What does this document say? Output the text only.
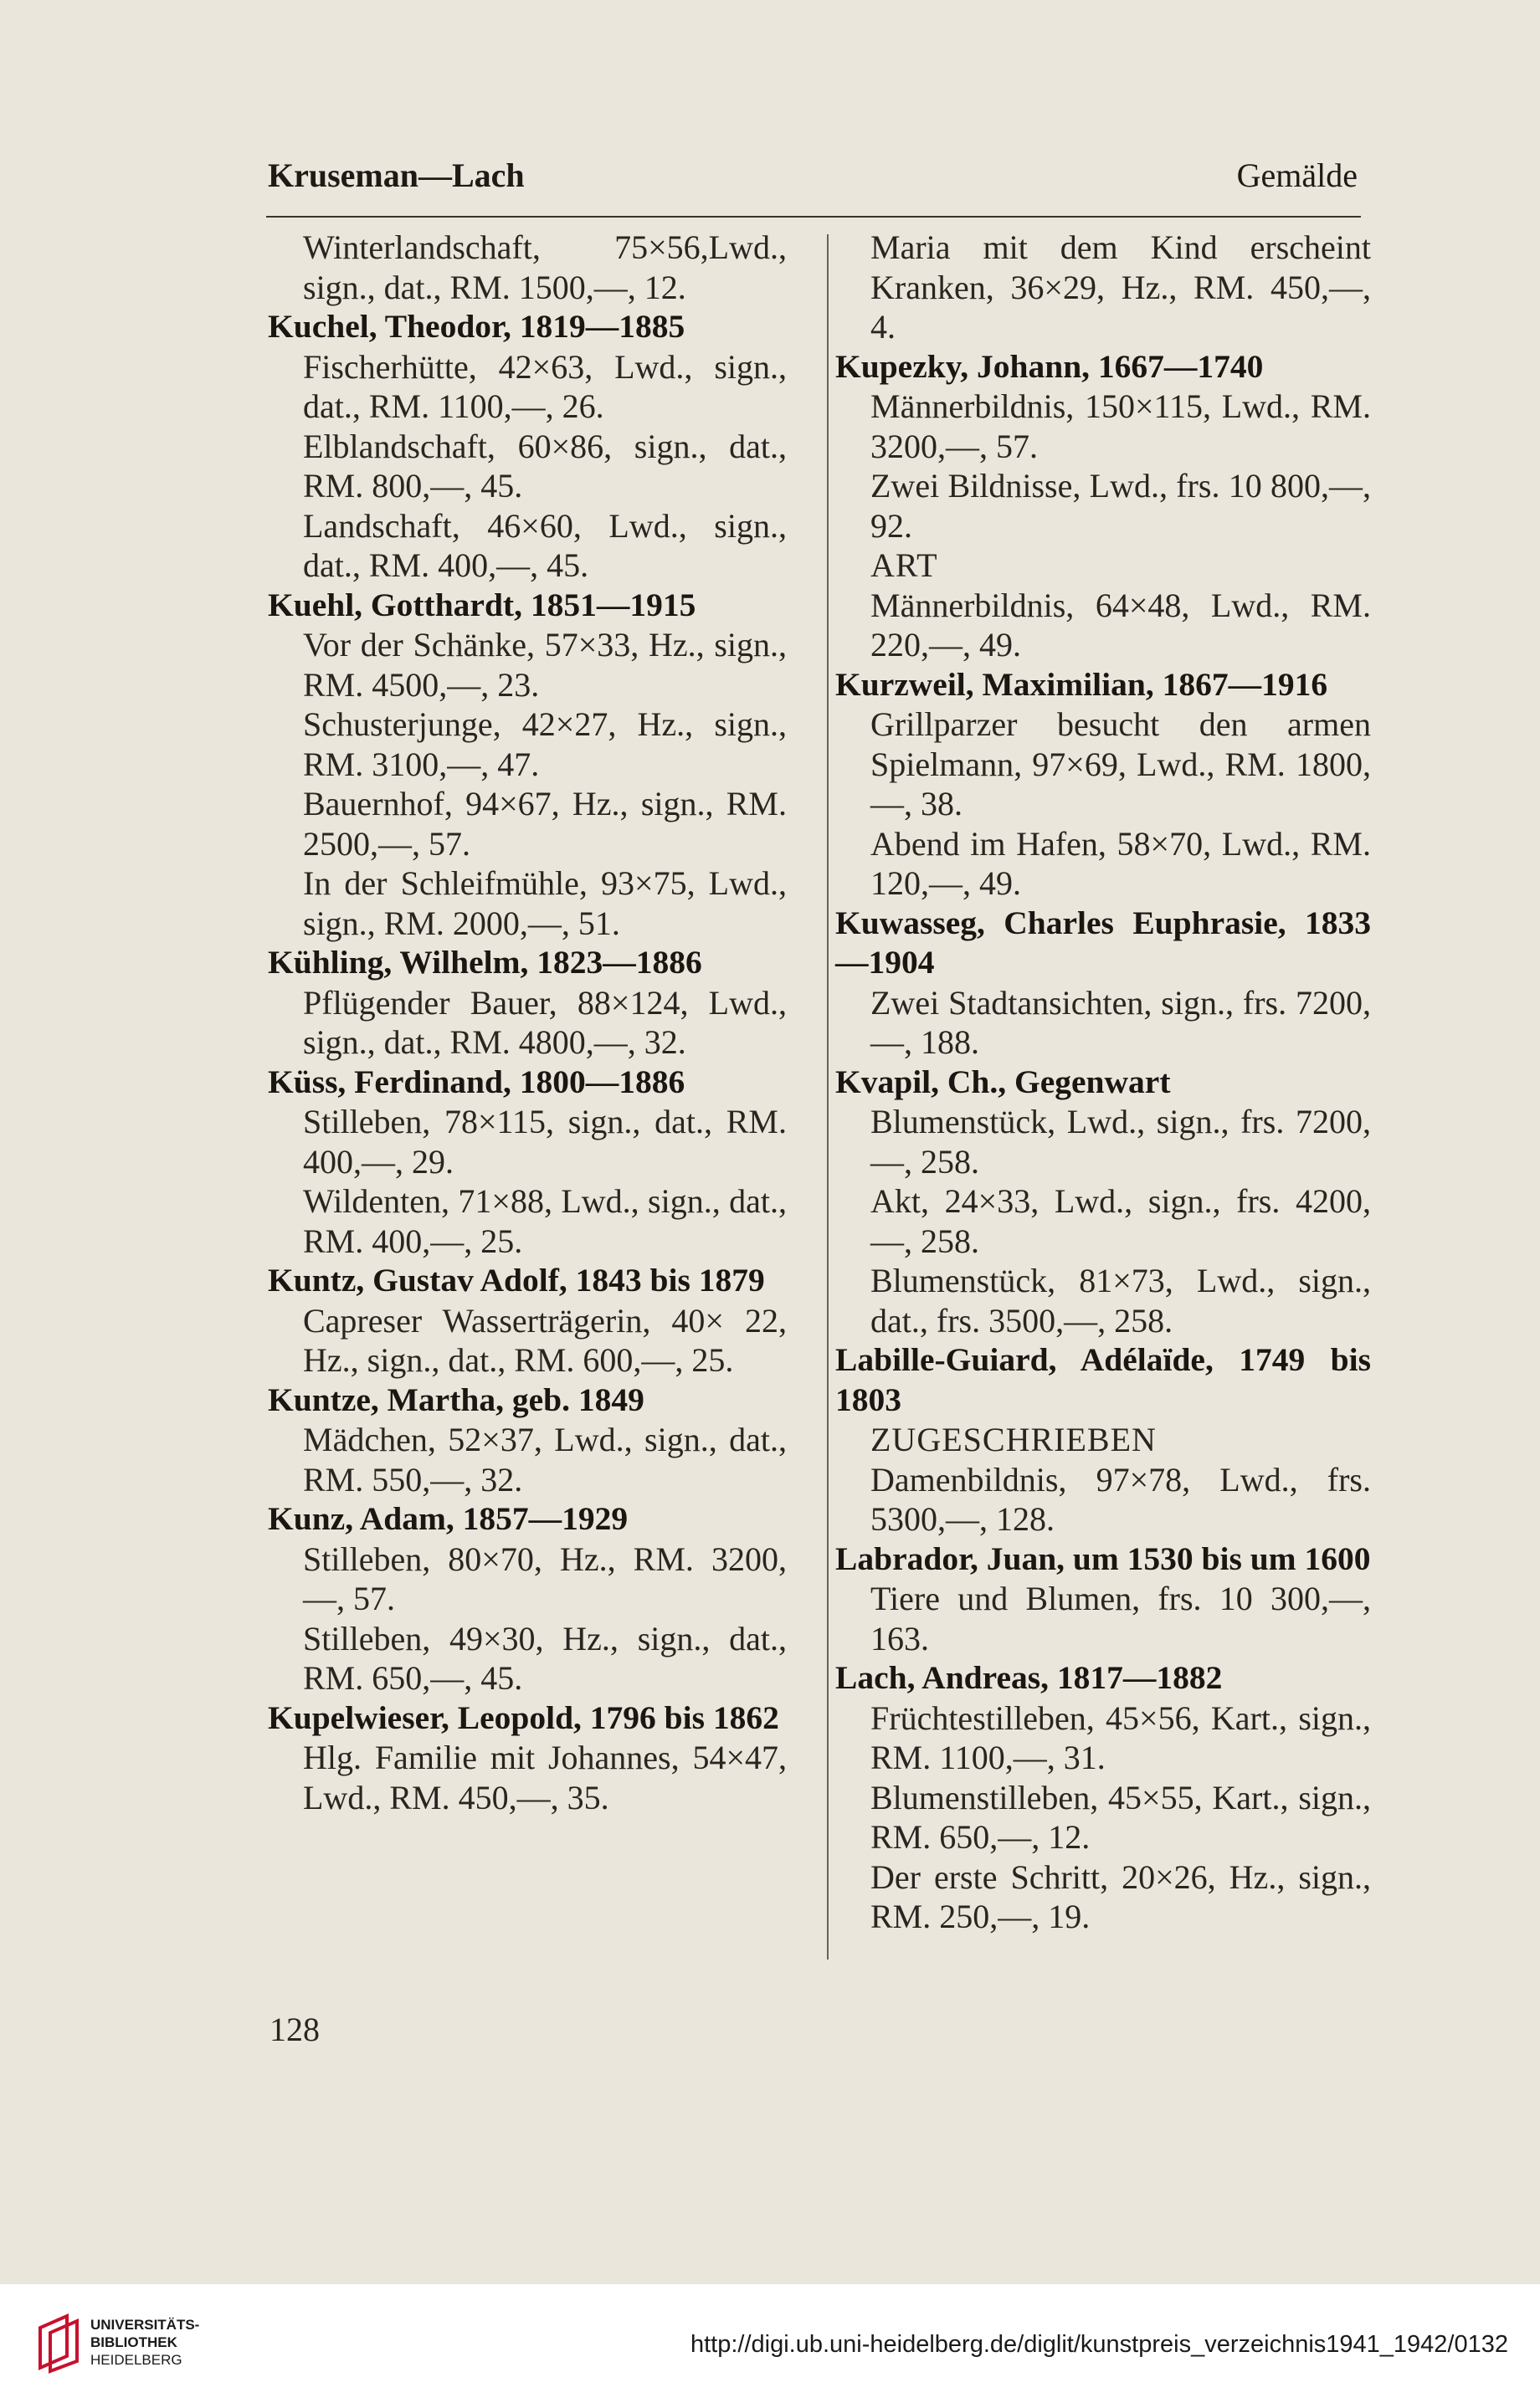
Kruseman—Lach	Gemälde
Winterlandschaft, 75×56,Lwd., sign., dat., RM. 1500,—, 12.
Kuchel, Theodor, 1819—1885
Fischerhütte, 42×63, Lwd., sign., dat., RM. 1100,—, 26.
Elblandschaft, 60×86, sign., dat., RM. 800,—, 45.
Landschaft, 46×60, Lwd., sign., dat., RM. 400,—, 45.
Kuehl, Gotthardt, 1851—1915
Vor der Schänke, 57×33, Hz., sign., RM. 4500,—, 23.
Schusterjunge, 42×27, Hz., sign., RM. 3100,—, 47.
Bauernhof, 94×67, Hz., sign., RM. 2500,—, 57.
In der Schleifmühle, 93×75, Lwd., sign., RM. 2000,—, 51.
Kühling, Wilhelm, 1823—1886
Pflügender Bauer, 88×124, Lwd., sign., dat., RM. 4800,—, 32.
Küss, Ferdinand, 1800—1886
Stilleben, 78×115, sign., dat., RM. 400,—, 29.
Wildenten, 71×88, Lwd., sign., dat., RM. 400,—, 25.
Kuntz, Gustav Adolf, 1843 bis 1879
Capreser Wasserträgerin, 40× 22, Hz., sign., dat., RM. 600,—, 25.
Kuntze, Martha, geb. 1849
Mädchen, 52×37, Lwd., sign., dat., RM. 550,—, 32.
Kunz, Adam, 1857—1929
Stilleben, 80×70, Hz., RM. 3200,—, 57.
Stilleben, 49×30, Hz., sign., dat., RM. 650,—, 45.
Kupelwieser, Leopold, 1796 bis 1862
Hlg. Familie mit Johannes, 54×47, Lwd., RM. 450,—, 35.
Maria mit dem Kind erscheint Kranken, 36×29, Hz., RM. 450,—, 4.
Kupezky, Johann, 1667—1740
Männerbildnis, 150×115, Lwd., RM. 3200,—, 57.
Zwei Bildnisse, Lwd., frs. 10 800,—, 92.
ART
Männerbildnis, 64×48, Lwd., RM. 220,—, 49.
Kurzweil, Maximilian, 1867—1916
Grillparzer besucht den armen Spielmann, 97×69, Lwd., RM. 1800,—, 38.
Abend im Hafen, 58×70, Lwd., RM. 120,—, 49.
Kuwasseg, Charles Euphrasie, 1833—1904
Zwei Stadtansichten, sign., frs. 7200,—, 188.
Kvapil, Ch., Gegenwart
Blumenstück, Lwd., sign., frs. 7200,—, 258.
Akt, 24×33, Lwd., sign., frs. 4200,—, 258.
Blumenstück, 81×73, Lwd., sign., dat., frs. 3500,—, 258.
Labille-Guiard, Adélaïde, 1749 bis 1803
ZUGESCHRIEBEN
Damenbildnis, 97×78, Lwd., frs. 5300,—, 128.
Labrador, Juan, um 1530 bis um 1600
Tiere und Blumen, frs. 10 300,—, 163.
Lach, Andreas, 1817—1882
Früchtestilleben, 45×56, Kart., sign., RM. 1100,—, 31.
Blumenstilleben, 45×55, Kart., sign., RM. 650,—, 12.
Der erste Schritt, 20×26, Hz., sign., RM. 250,—, 19.
128
UNIVERSITÄTS-
BIBLIOTHEK
HEIDELBERG
http://digi.ub.uni-heidelberg.de/diglit/kunstpreis_verzeichnis1941_1942/0132
